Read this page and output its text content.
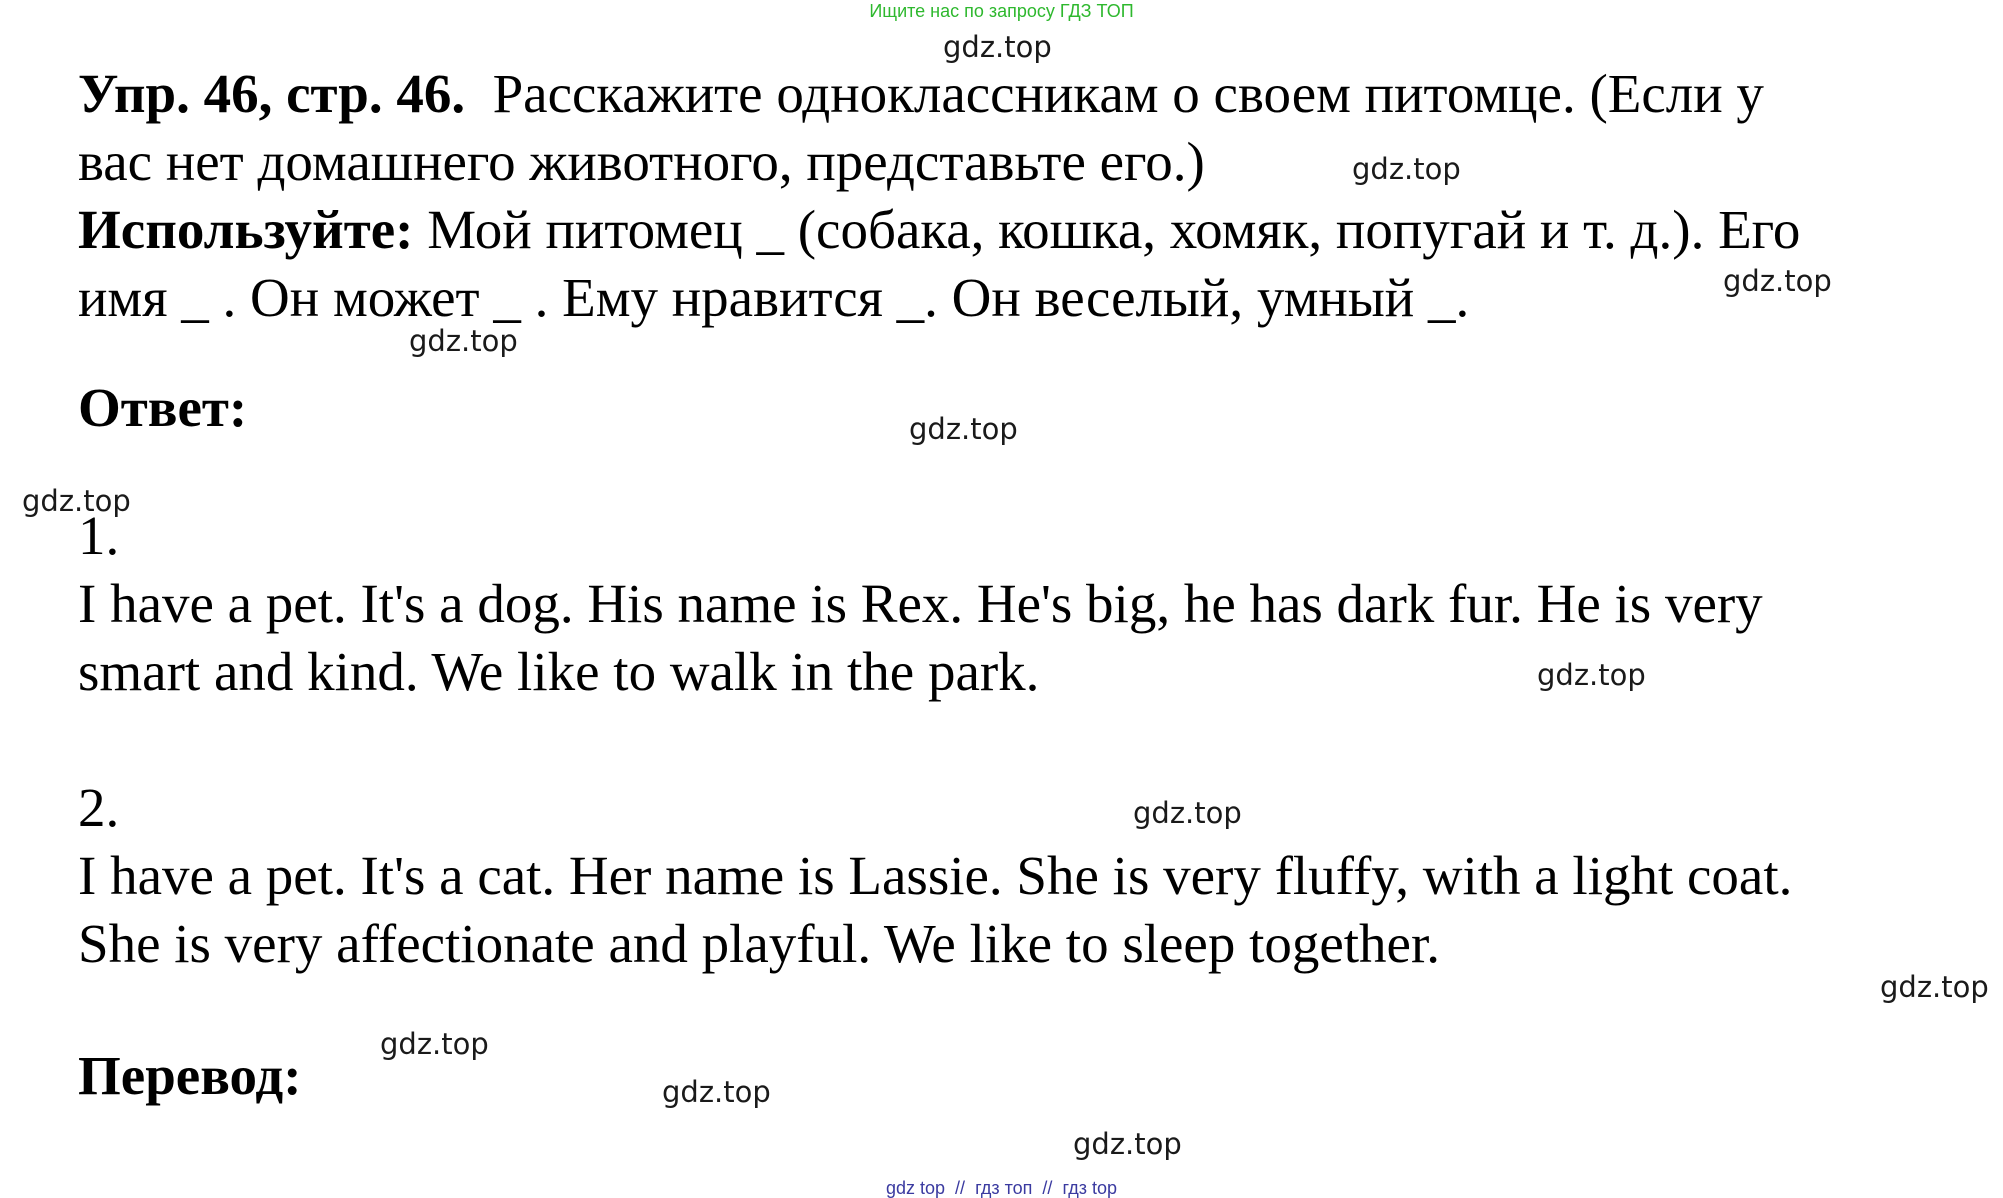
Ищите нас по запросу ГДЗ ТОП
Упр. 46, стр. 46. Расскажите одноклассникам о своем питомце. (Если у
вас нет домашнего животного, представьте его.)
Используйте: Мой питомец _ (собака, кошка, хомяк, попугай и т. д.). Его
имя _ . Он может _ . Ему нравится _. Он веселый, умный _.
Ответ:
1.
I have a pet. It's a dog. His name is Rex. He's big, he has dark fur. He is very
smart and kind. We like to walk in the park.
2.
I have a pet. It's a cat. Her name is Lassie. She is very fluffy, with a light coat.
She is very affectionate and playful. We like to sleep together.
Перевод:
gdz.top
gdz.top
gdz.top
gdz.top
gdz.top
gdz.top
gdz.top
gdz.top
gdz.top
gdz.top
gdz.top
gdz.top
gdz top // гдз топ // гдз top
